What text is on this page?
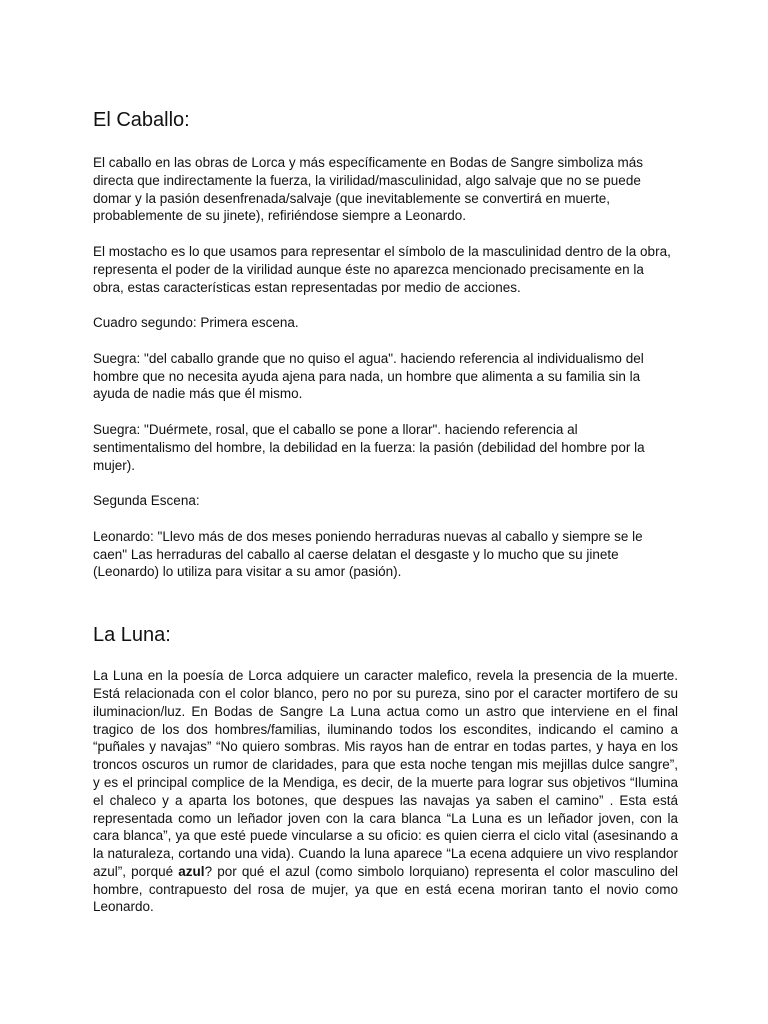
El Caballo:

El caballo en las obras de Lorca y más específicamente en Bodas de Sangre simboliza más directa que indirectamente la fuerza, la virilidad/masculinidad, algo salvaje que no se puede domar y la pasión desenfrenada/salvaje (que inevitablemente se convertirá en muerte, probablemente de su jinete), refiriéndose siempre a Leonardo.

El mostacho es lo que usamos para representar el símbolo de la masculinidad dentro de la obra, representa el poder de la virilidad aunque éste no aparezca mencionado precisamente en la obra, estas características estan representadas por medio de acciones.

Cuadro segundo: Primera escena.

Suegra: "del caballo grande que no quiso el agua". haciendo referencia al individualismo del hombre que no necesita ayuda ajena para nada, un hombre que alimenta a su familia sin la ayuda de nadie más que él mismo.

Suegra: "Duérmete, rosal, que el caballo se pone a llorar". haciendo referencia al sentimentalismo del hombre, la debilidad en la fuerza: la pasión (debilidad del hombre por la mujer).

Segunda Escena:

Leonardo: "Llevo más de dos meses poniendo herraduras nuevas al caballo y siempre se le caen" Las herraduras del caballo al caerse delatan el desgaste y lo mucho que su jinete (Leonardo) lo utiliza para visitar a su amor (pasión).

La Luna:

La Luna en la poesía de Lorca adquiere un caracter malefico, revela la presencia de la muerte. Está relacionada con el color blanco, pero no por su pureza, sino por el caracter mortifero de su iluminacion/luz. En Bodas de Sangre La Luna actua como un astro que interviene en el final tragico de los dos hombres/familias, iluminando todos los escondites, indicando el camino a “puñales y navajas” “No quiero sombras. Mis rayos han de entrar en todas partes, y haya en los troncos oscuros un rumor de claridades, para que esta noche tengan mis mejillas dulce sangre”, y es el principal complice de la Mendiga, es decir, de la muerte para lograr sus objetivos “Ilumina el chaleco y a aparta los botones, que despues las navajas ya saben el camino” . Esta está representada como un leñador joven con la cara blanca “La Luna es un leñador joven, con la cara blanca”, ya que esté puede vincularse a su oficio: es quien cierra el ciclo vital (asesinando a la naturaleza, cortando una vida). Cuando la luna aparece “La ecena adquiere un vivo resplandor azul”, porqué azul? por qué el azul (como simbolo lorquiano) representa el color masculino del hombre, contrapuesto del rosa de mujer, ya que en está ecena moriran tanto el novio como Leonardo.
